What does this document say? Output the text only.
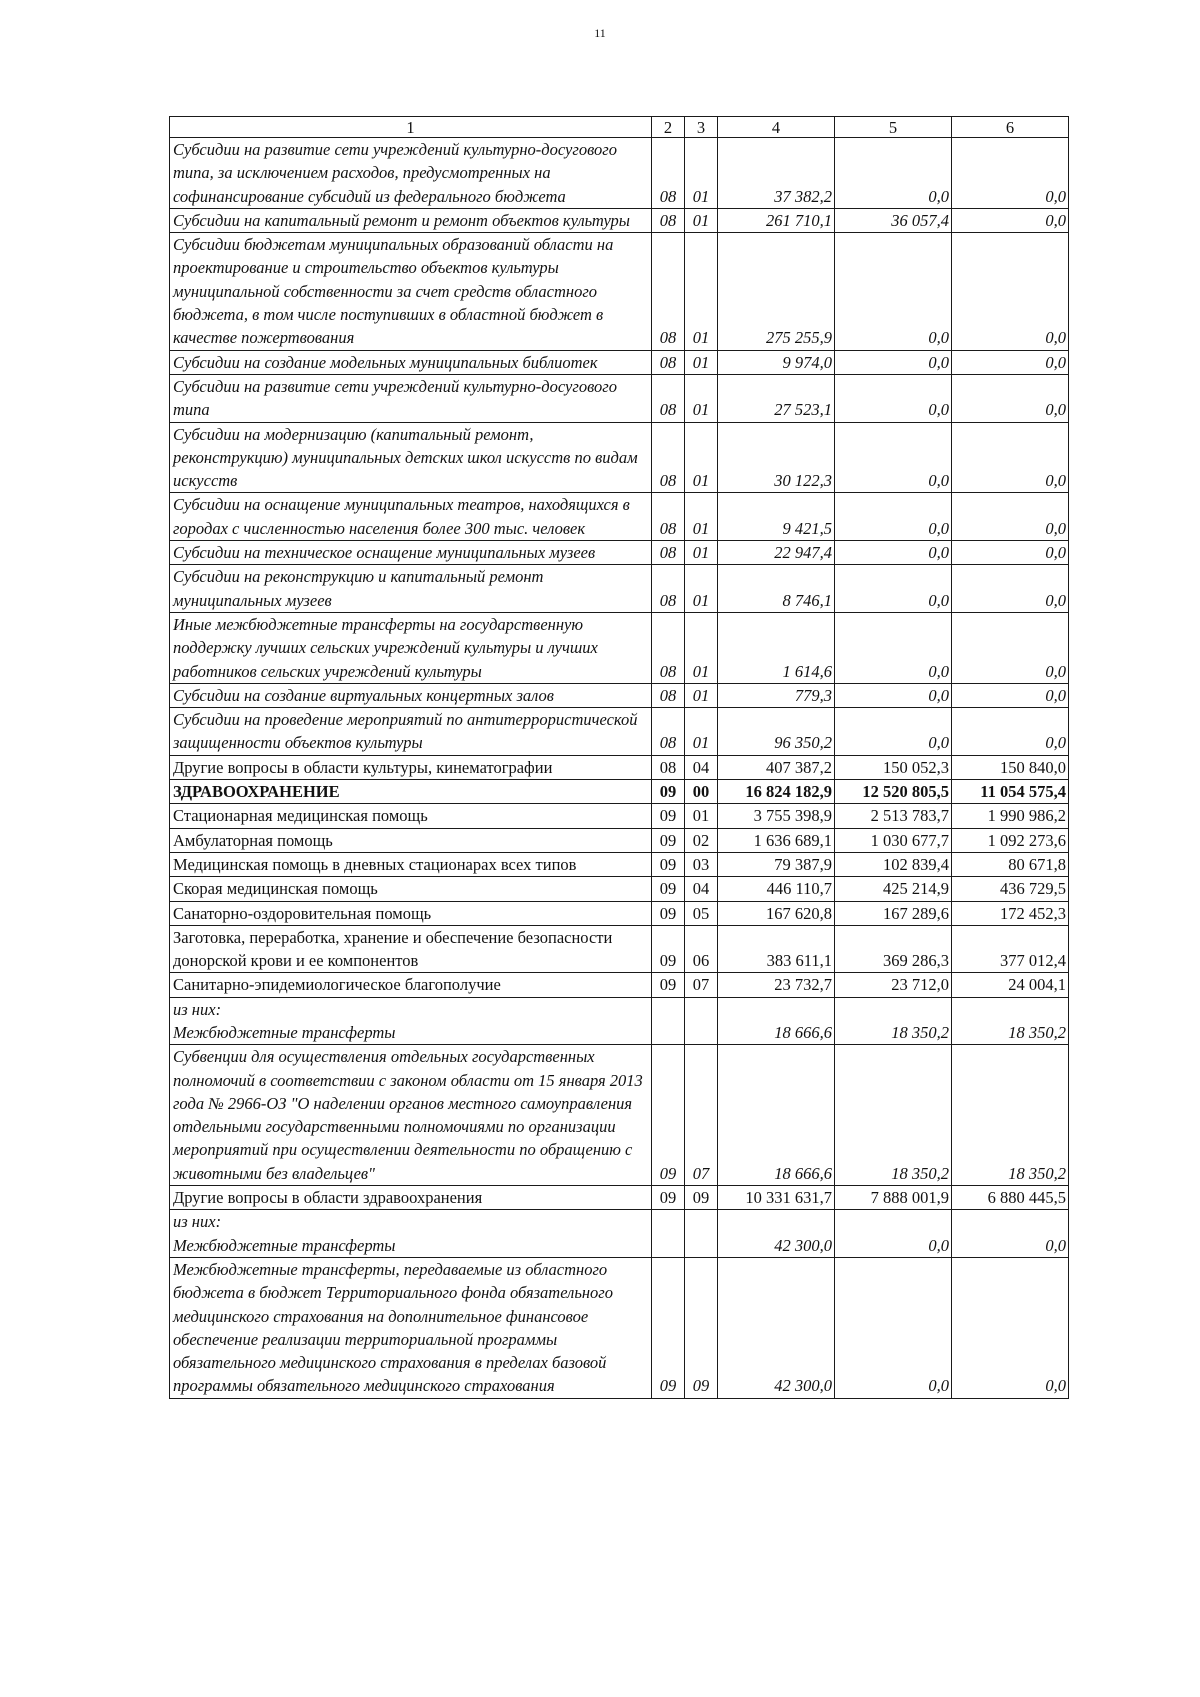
11
1	2	3	4	5	6
Субсидии на развитие сети учреждений культурно-досугового типа, за исключением расходов, предусмотренных на софинансирование субсидий из федерального бюджета	08	01	37 382,2	0,0	0,0
Субсидии на капитальный ремонт и ремонт объектов культуры	08	01	261 710,1	36 057,4	0,0
Субсидии бюджетам муниципальных образований области на проектирование и строительство объектов культуры муниципальной собственности за счет средств областного бюджета, в том числе поступивших в областной бюджет в качестве пожертвования	08	01	275 255,9	0,0	0,0
Субсидии на создание модельных муниципальных библиотек	08	01	9 974,0	0,0	0,0
Субсидии на развитие сети учреждений культурно-досугового типа	08	01	27 523,1	0,0	0,0
Субсидии на модернизацию (капитальный ремонт, реконструкцию) муниципальных детских школ искусств по видам искусств	08	01	30 122,3	0,0	0,0
Субсидии на оснащение муниципальных театров, находящихся в городах с численностью населения более 300 тыс. человек	08	01	9 421,5	0,0	0,0
Субсидии на техническое оснащение муниципальных музеев	08	01	22 947,4	0,0	0,0
Субсидии на реконструкцию и капитальный ремонт муниципальных музеев	08	01	8 746,1	0,0	0,0
Иные межбюджетные трансферты на государственную поддержку лучших сельских учреждений культуры и лучших работников сельских учреждений культуры	08	01	1 614,6	0,0	0,0
Субсидии на создание виртуальных концертных залов	08	01	779,3	0,0	0,0
Субсидии на проведение мероприятий по антитеррористической защищенности объектов культуры	08	01	96 350,2	0,0	0,0
Другие вопросы в области культуры, кинематографии	08	04	407 387,2	150 052,3	150 840,0
ЗДРАВООХРАНЕНИЕ	09	00	16 824 182,9	12 520 805,5	11 054 575,4
Стационарная медицинская помощь	09	01	3 755 398,9	2 513 783,7	1 990 986,2
Амбулаторная помощь	09	02	1 636 689,1	1 030 677,7	1 092 273,6
Медицинская помощь в дневных стационарах всех типов	09	03	79 387,9	102 839,4	80 671,8
Скорая медицинская помощь	09	04	446 110,7	425 214,9	436 729,5
Санаторно-оздоровительная помощь	09	05	167 620,8	167 289,6	172 452,3
Заготовка, переработка, хранение и обеспечение безопасности донорской крови и ее компонентов	09	06	383 611,1	369 286,3	377 012,4
Санитарно-эпидемиологическое благополучие	09	07	23 732,7	23 712,0	24 004,1
из них:
Межбюджетные трансферты			18 666,6	18 350,2	18 350,2
Субвенции для осуществления отдельных государственных полномочий в соответствии с законом области от 15 января 2013 года № 2966-ОЗ "О наделении органов местного самоуправления отдельными государственными полномочиями по организации мероприятий при осуществлении деятельности по обращению с животными без владельцев"	09	07	18 666,6	18 350,2	18 350,2
Другие вопросы в области здравоохранения	09	09	10 331 631,7	7 888 001,9	6 880 445,5
из них:
Межбюджетные трансферты			42 300,0	0,0	0,0
Межбюджетные трансферты, передаваемые из областного бюджета в бюджет Территориального фонда обязательного медицинского страхования на дополнительное финансовое обеспечение реализации территориальной программы обязательного медицинского страхования в пределах базовой программы обязательного медицинского страхования	09	09	42 300,0	0,0	0,0
